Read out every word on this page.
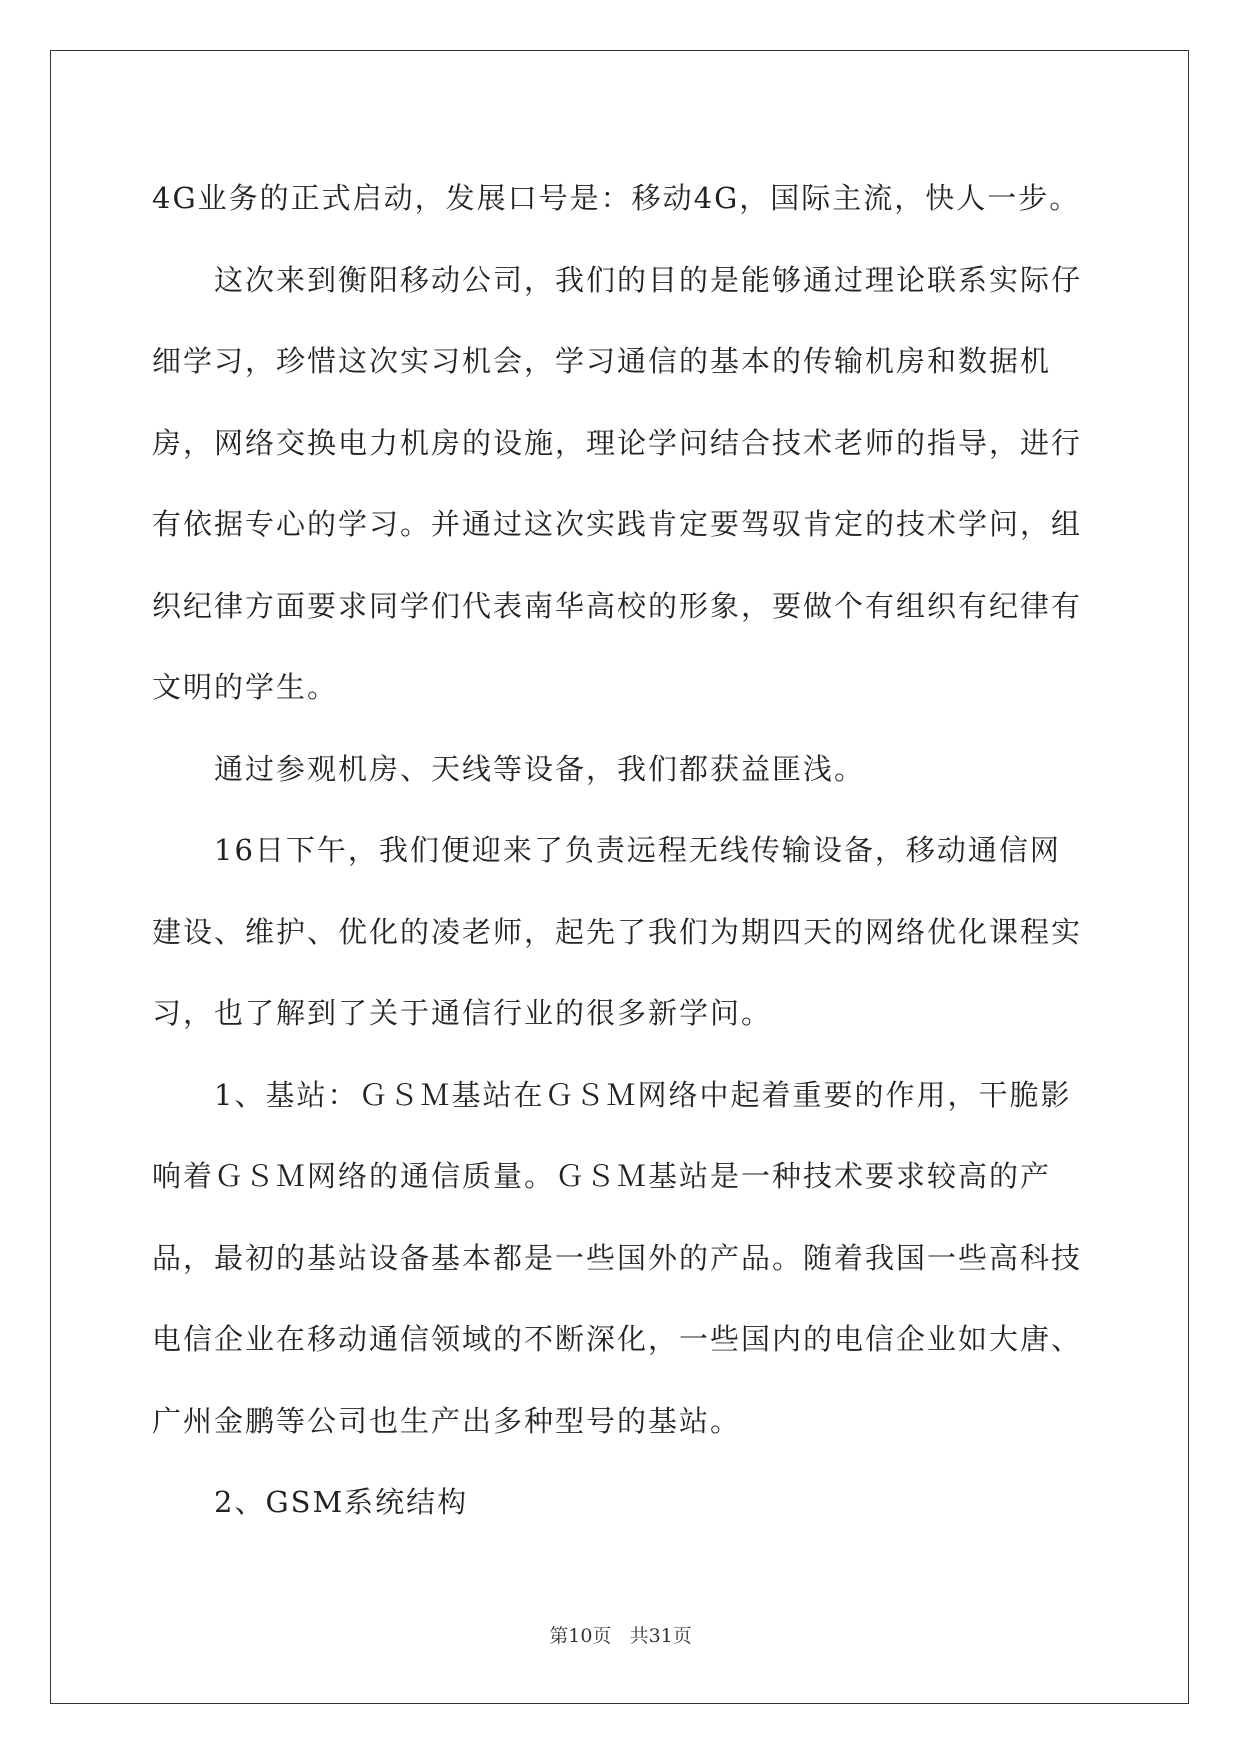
4G业务的正式启动，发展口号是：移动4G，国际主流，快人一步。

这次来到衡阳移动公司，我们的目的是能够通过理论联系实际仔细学习，珍惜这次实习机会，学习通信的基本的传输机房和数据机房，网络交换电力机房的设施，理论学问结合技术老师的指导，进行有依据专心的学习。并通过这次实践肯定要驾驭肯定的技术学问，组织纪律方面要求同学们代表南华高校的形象，要做个有组织有纪律有文明的学生。

通过参观机房、天线等设备，我们都获益匪浅。

16日下午，我们便迎来了负责远程无线传输设备，移动通信网建设、维护、优化的凌老师，起先了我们为期四天的网络优化课程实习，也了解到了关于通信行业的很多新学问。

1、基站：ＧＳＭ基站在ＧＳＭ网络中起着重要的作用，干脆影响着ＧＳＭ网络的通信质量。ＧＳＭ基站是一种技术要求较高的产品，最初的基站设备基本都是一些国外的产品。随着我国一些高科技电信企业在移动通信领域的不断深化，一些国内的电信企业如大唐、广州金鹏等公司也生产出多种型号的基站。

2、GSM系统结构

第10页 共31页
